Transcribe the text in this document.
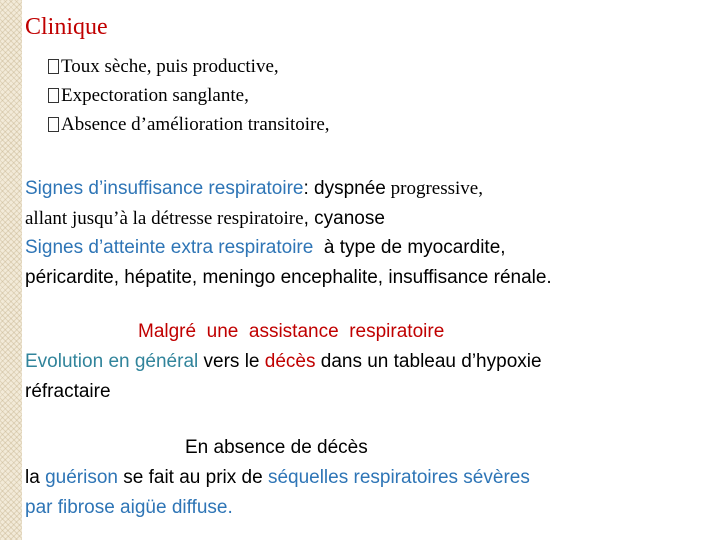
Clinique
Toux sèche, puis productive,
Expectoration sanglante,
Absence d’amélioration transitoire,
Signes d’insuffisance respiratoire: dyspnée progressive,
allant jusqu’à la détresse respiratoire, cyanose
Signes d’atteinte extra respiratoire  à type de myocardite,
péricardite, hépatite, meningo encephalite, insuffisance rénale.
Malgré  une  assistance  respiratoire
Evolution en général vers le décès dans un tableau d’hypoxie
réfractaire
En absence de décès
la guérison se fait au prix de séquelles respiratoires sévères
par fibrose aigüe diffuse.
